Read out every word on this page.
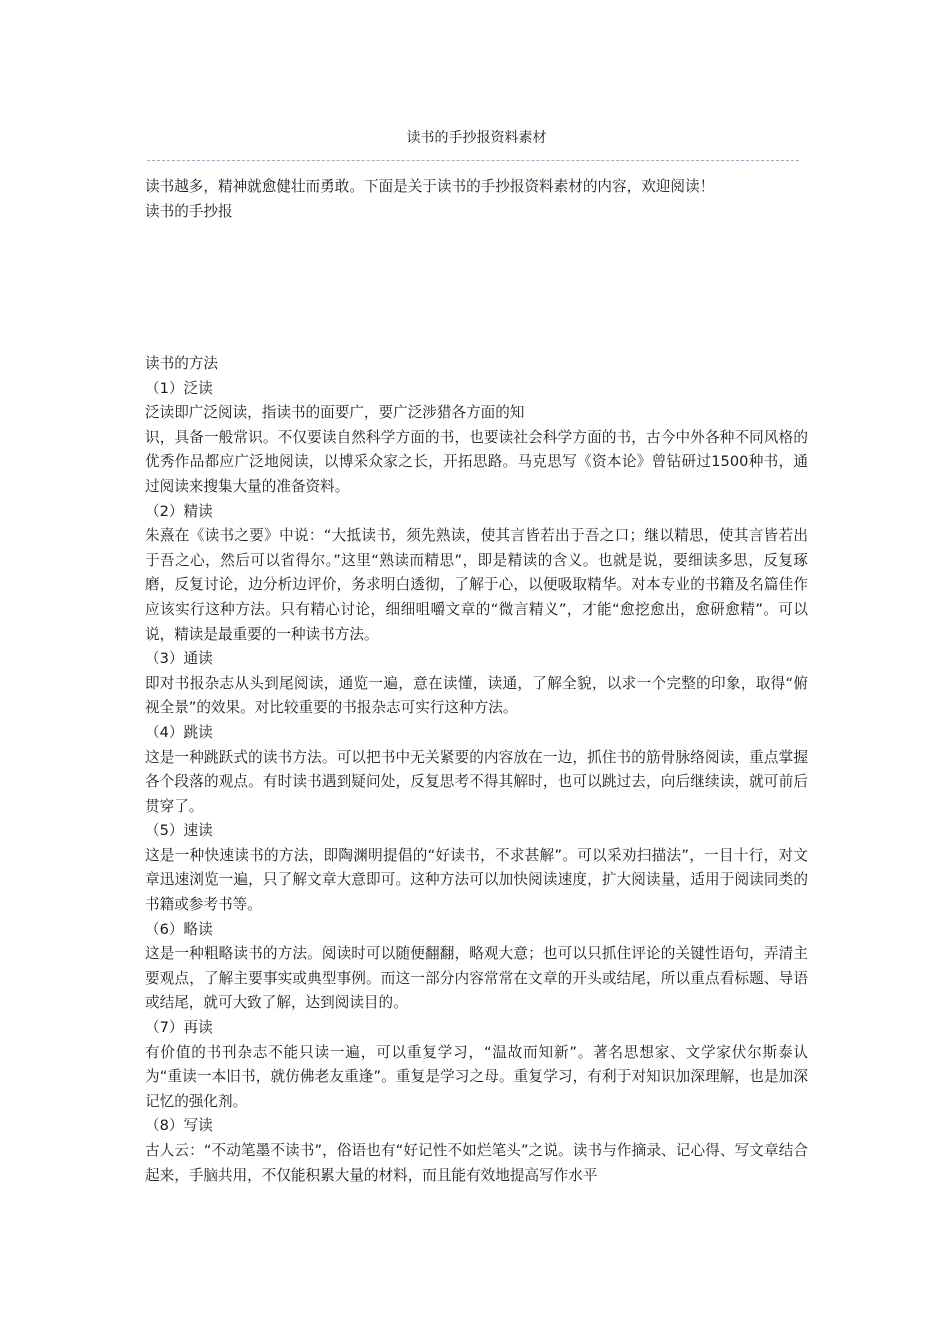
读书的手抄报资料素材

读书越多，精神就愈健壮而勇敢。下面是关于读书的手抄报资料素材的内容，欢迎阅读！

读书的手抄报

读书的方法

（1）泛读

泛读即广泛阅读，指读书的面要广，要广泛涉猎各方面的知

识，具备一般常识。不仅要读自然科学方面的书，也要读社会科学方面的书，古今中外各种不同风格的优秀作品都应广泛地阅读，以博采众家之长，开拓思路。马克思写《资本论》曾钻研过1500种书，通过阅读来搜集大量的准备资料。

（2）精读

朱熹在《读书之要》中说：“大抵读书，须先熟读，使其言皆若出于吾之口；继以精思，使其言皆若出于吾之心，然后可以省得尔。”这里“熟读而精思”，即是精读的含义。也就是说，要细读多思，反复琢磨，反复讨论，边分析边评价，务求明白透彻，了解于心，以便吸取精华。对本专业的书籍及名篇佳作应该实行这种方法。只有精心讨论，细细咀嚼文章的“微言精义”，才能“愈挖愈出，愈研愈精”。可以说，精读是最重要的一种读书方法。

（3）通读

即对书报杂志从头到尾阅读，通览一遍，意在读懂，读通，了解全貌，以求一个完整的印象，取得“俯视全景”的效果。对比较重要的书报杂志可实行这种方法。

（4）跳读

这是一种跳跃式的读书方法。可以把书中无关紧要的内容放在一边，抓住书的筋骨脉络阅读，重点掌握各个段落的观点。有时读书遇到疑问处，反复思考不得其解时，也可以跳过去，向后继续读，就可前后贯穿了。

（5）速读

这是一种快速读书的方法，即陶渊明提倡的“好读书，不求甚解”。可以采劝扫描法”，一目十行，对文章迅速浏览一遍，只了解文章大意即可。这种方法可以加快阅读速度，扩大阅读量，适用于阅读同类的书籍或参考书等。

（6）略读

这是一种粗略读书的方法。阅读时可以随便翻翻，略观大意；也可以只抓住评论的关键性语句，弄清主要观点，了解主要事实或典型事例。而这一部分内容常常在文章的开头或结尾，所以重点看标题、导语或结尾，就可大致了解，达到阅读目的。

（7）再读

有价值的书刊杂志不能只读一遍，可以重复学习，“温故而知新”。著名思想家、文学家伏尔斯泰认为“重读一本旧书，就仿佛老友重逢”。重复是学习之母。重复学习，有利于对知识加深理解，也是加深记忆的强化剂。

（8）写读

古人云：“不动笔墨不读书”，俗语也有“好记性不如烂笔头”之说。读书与作摘录、记心得、写文章结合起来，手脑共用，不仅能积累大量的材料，而且能有效地提高写作水平
